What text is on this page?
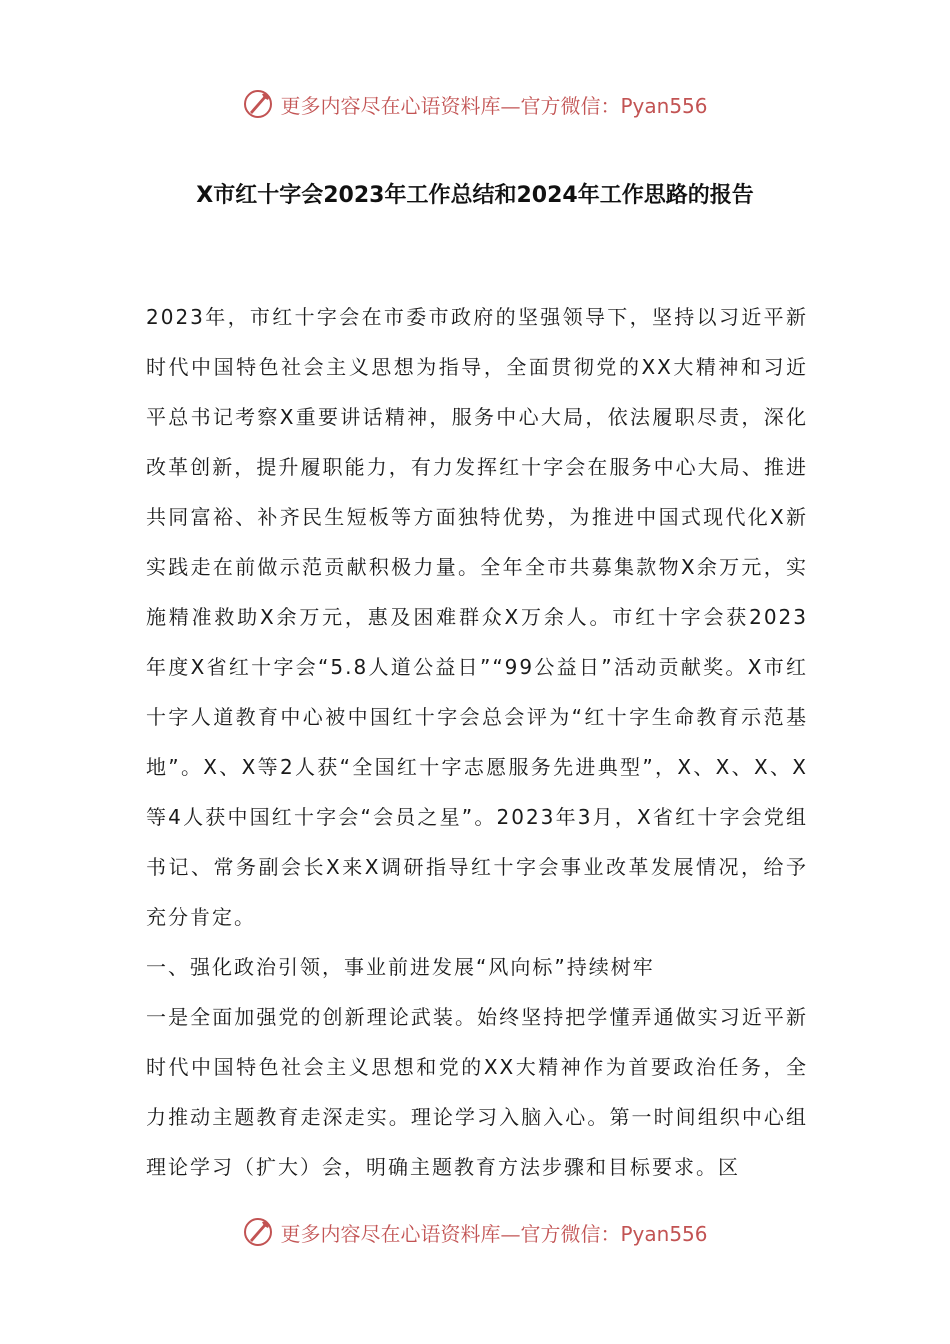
更多内容尽在心语资料库—官方微信：Pyan556
X市红十字会2023年工作总结和2024年工作思路的报告

2023年，市红十字会在市委市政府的坚强领导下，坚持以习近平新时代中国特色社会主义思想为指导，全面贯彻党的XX大精神和习近平总书记考察X重要讲话精神，服务中心大局，依法履职尽责，深化改革创新，提升履职能力，有力发挥红十字会在服务中心大局、推进共同富裕、补齐民生短板等方面独特优势，为推进中国式现代化X新实践走在前做示范贡献积极力量。全年全市共募集款物X余万元，实施精准救助X余万元，惠及困难群众X万余人。市红十字会获2023年度X省红十字会“5.8人道公益日”“99公益日”活动贡献奖。X市红十字人道教育中心被中国红十字会总会评为“红十字生命教育示范基地”。X、X等2人获“全国红十字志愿服务先进典型”，X、X、X、X等4人获中国红十字会“会员之星”。2023年3月，X省红十字会党组书记、常务副会长X来X调研指导红十字会事业改革发展情况，给予充分肯定。

一、强化政治引领，事业前进发展“风向标”持续树牢

一是全面加强党的创新理论武装。始终坚持把学懂弄通做实习近平新时代中国特色社会主义思想和党的XX大精神作为首要政治任务，全力推动主题教育走深走实。理论学习入脑入心。第一时间组织中心组理论学习（扩大）会，明确主题教育方法步骤和目标要求。区

更多内容尽在心语资料库—官方微信：Pyan556
